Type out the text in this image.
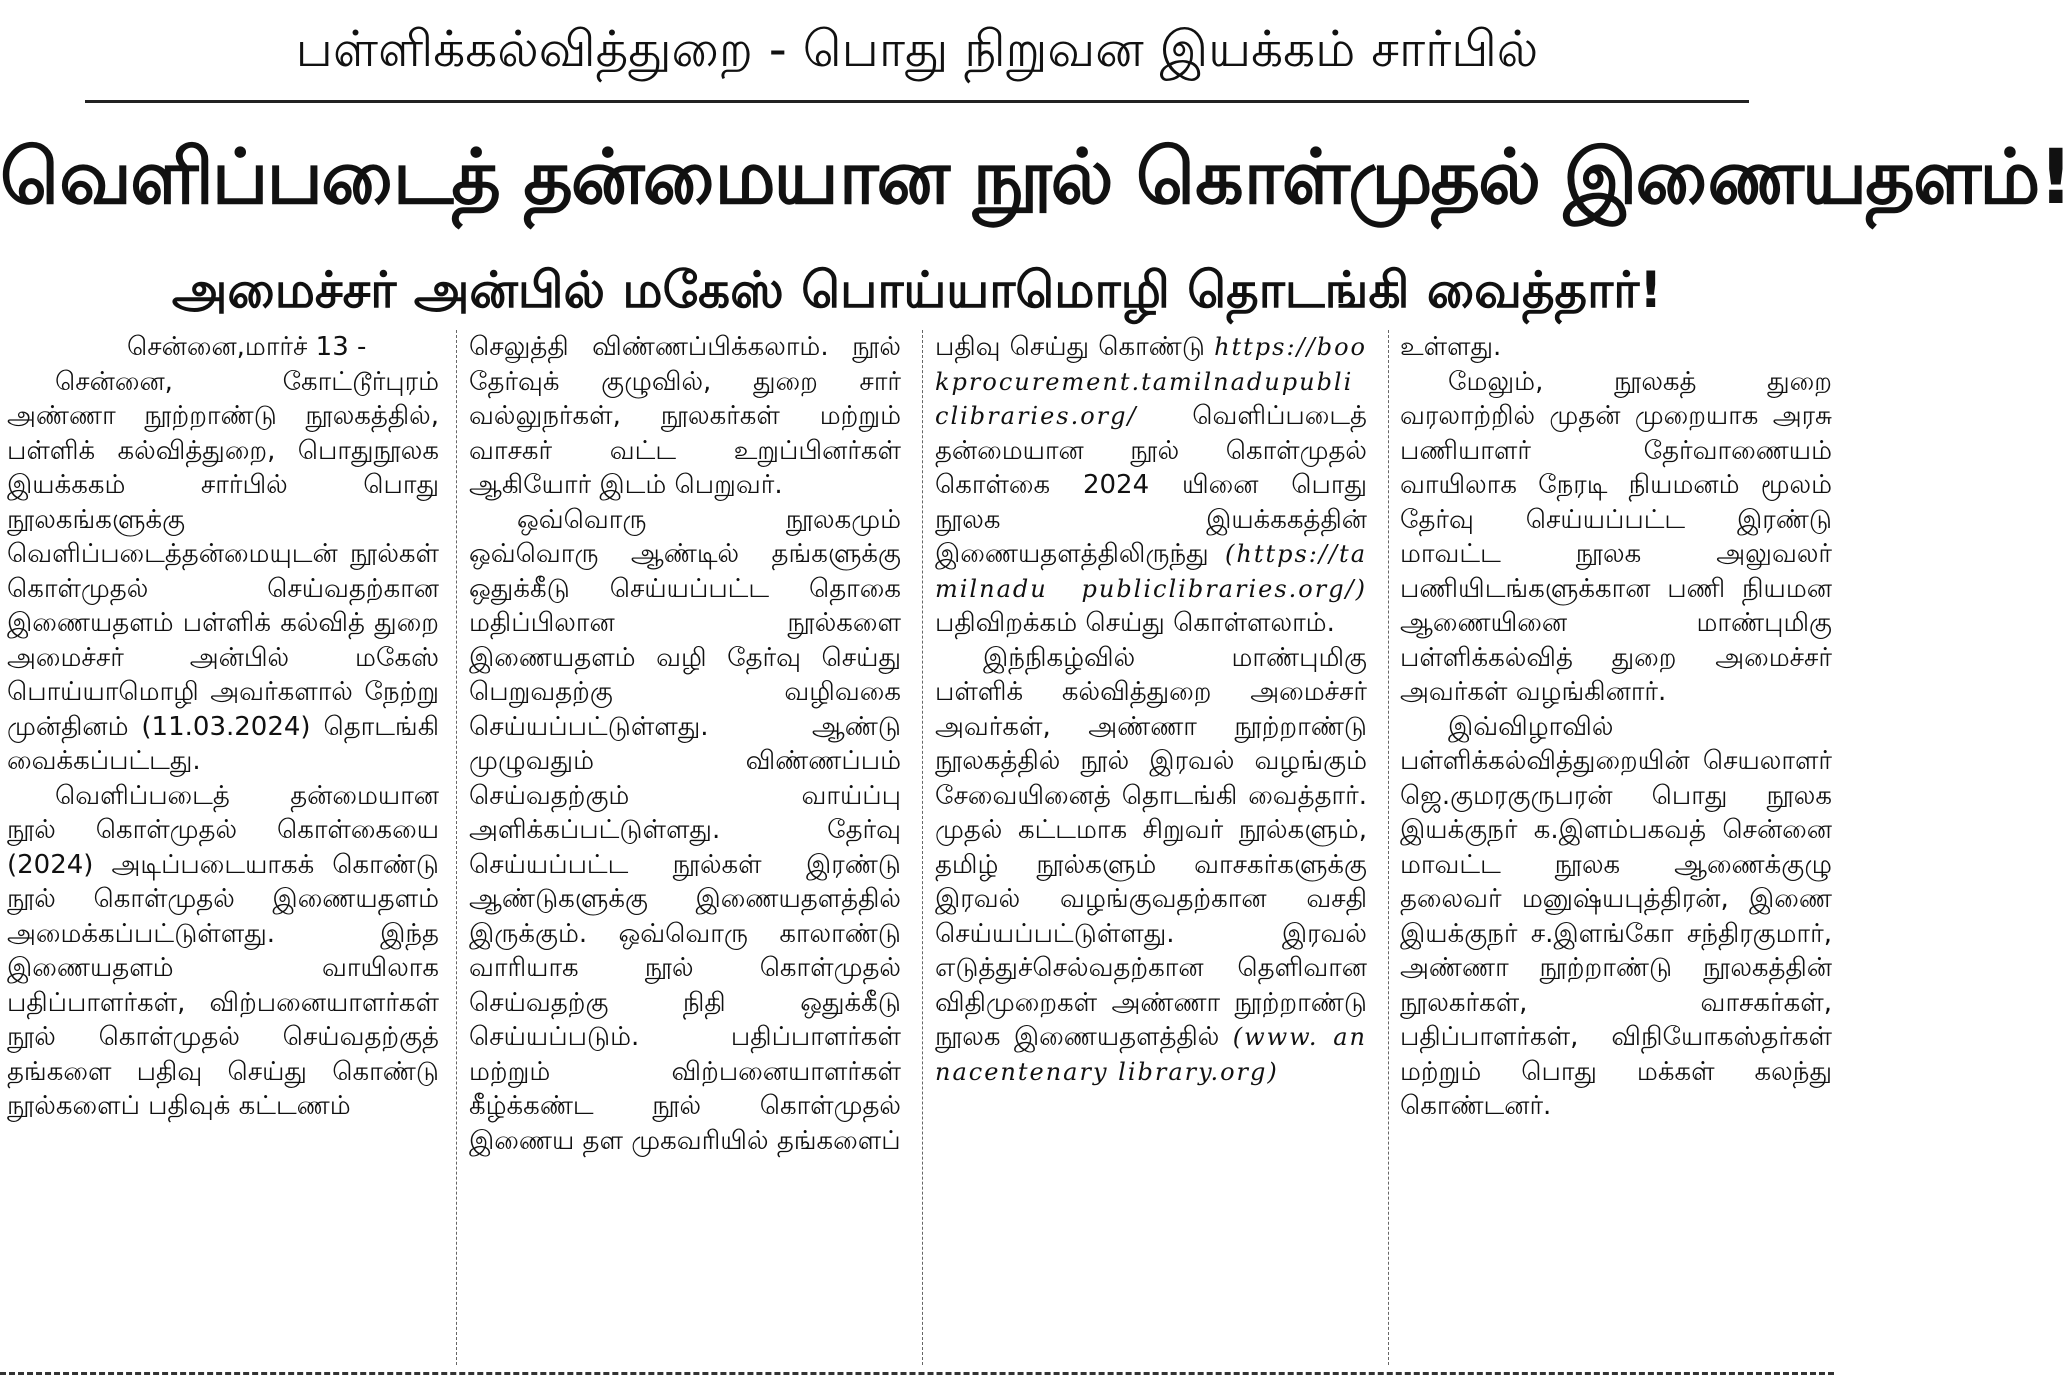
பள்ளிக்கல்வித்துறை - பொது நிறுவன இயக்கம் சார்பில்
வெளிப்படைத் தன்மையான நூல் கொள்முதல் இணையதளம்!
அமைச்சர் அன்பில் மகேஸ் பொய்யாமொழி தொடங்கி வைத்தார்!

சென்னை,மார்ச் 13 -

சென்னை, கோட்டூர்புரம் அண்ணா நூற்றாண்டு நூலகத்தில், பள்ளிக் கல்வித்துறை, பொதுநூலக இயக்ககம் சார்பில் பொது நூலகங்களுக்கு வெளிப்படைத்தன்மையுடன் நூல்கள் கொள்முதல் செய்வதற்கான இணையதளம் பள்ளிக் கல்வித் துறை அமைச்சர் அன்பில் மகேஸ் பொய்யாமொழி அவர்களால் நேற்று முன்தினம் (11.03.2024) தொடங்கி வைக்கப்பட்டது.

வெளிப்படைத் தன்மையான நூல் கொள்முதல் கொள்கையை (2024) அடிப்படையாகக் கொண்டு நூல் கொள்முதல் இணையதளம் அமைக்கப்பட்டுள்ளது. இந்த இணையதளம் வாயிலாக பதிப்பாளர்கள், விற்பனையாளர்கள் நூல் கொள்முதல் செய்வதற்குத் தங்களை பதிவு செய்து கொண்டு நூல்களைப் பதிவுக் கட்டணம்

செலுத்தி விண்ணப்பிக்கலாம். நூல் தேர்வுக் குழுவில், துறை சார் வல்லுநர்கள், நூலகர்கள் மற்றும் வாசகர் வட்ட உறுப்பினர்கள் ஆகியோர் இடம் பெறுவர்.

ஒவ்வொரு நூலகமும் ஒவ்வொரு ஆண்டில் தங்களுக்கு ஒதுக்கீடு செய்யப்பட்ட தொகை மதிப்பிலான நூல்களை இணையதளம் வழி தேர்வு செய்து பெறுவதற்கு வழிவகை செய்யப்பட்டுள்ளது. ஆண்டு முழுவதும் விண்ணப்பம் செய்வதற்கும் வாய்ப்பு அளிக்கப்பட்டுள்ளது. தேர்வு செய்யப்பட்ட நூல்கள் இரண்டு ஆண்டுகளுக்கு இணையதளத்தில் இருக்கும். ஒவ்வொரு காலாண்டு வாரியாக நூல் கொள்முதல் செய்வதற்கு நிதி ஒதுக்கீடு செய்யப்படும். பதிப்பாளர்கள் மற்றும் விற்பனையாளர்கள் கீழ்க்கண்ட நூல் கொள்முதல் இணைய தள முகவரியில் தங்களைப்

பதிவு செய்து கொண்டு https://bookprocurement.tamilnadupubliclibraries.org/ வெளிப்படைத் தன்மையான நூல் கொள்முதல் கொள்கை 2024 யினை பொது நூலக இயக்ககத்தின் இணையதளத்திலிருந்து (https://tamilnadu publiclibraries.org/) பதிவிறக்கம் செய்து கொள்ளலாம்.

இந்நிகழ்வில் மாண்புமிகு பள்ளிக் கல்வித்துறை அமைச்சர் அவர்கள், அண்ணா நூற்றாண்டு நூலகத்தில் நூல் இரவல் வழங்கும் சேவையினைத் தொடங்கி வைத்தார். முதல் கட்டமாக சிறுவர் நூல்களும், தமிழ் நூல்களும் வாசகர்களுக்கு இரவல் வழங்குவதற்கான வசதி செய்யப்பட்டுள்ளது. இரவல் எடுத்துச்செல்வதற்கான தெளிவான விதிமுறைகள் அண்ணா நூற்றாண்டு நூலக இணையதளத்தில் (www. annacentenary library.org)

உள்ளது.

மேலும், நூலகத் துறை வரலாற்றில் முதன் முறையாக அரசு பணியாளர் தேர்வாணையம் வாயிலாக நேரடி நியமனம் மூலம் தேர்வு செய்யப்பட்ட இரண்டு மாவட்ட நூலக அலுவலர் பணியிடங்களுக்கான பணி நியமன ஆணையினை மாண்புமிகு பள்ளிக்கல்வித் துறை அமைச்சர் அவர்கள் வழங்கினார்.

இவ்விழாவில் பள்ளிக்கல்வித்துறையின் செயலாளர் ஜெ.குமரகுருபரன் பொது நூலக இயக்குநர் க.இளம்பகவத் சென்னை மாவட்ட நூலக ஆணைக்குழு தலைவர் மனுஷ்யபுத்திரன், இணை இயக்குநர் ச.இளங்கோ சந்திரகுமார், அண்ணா நூற்றாண்டு நூலகத்தின் நூலகர்கள், வாசகர்கள், பதிப்பாளர்கள், விநியோகஸ்தர்கள் மற்றும் பொது மக்கள் கலந்து கொண்டனர்.
